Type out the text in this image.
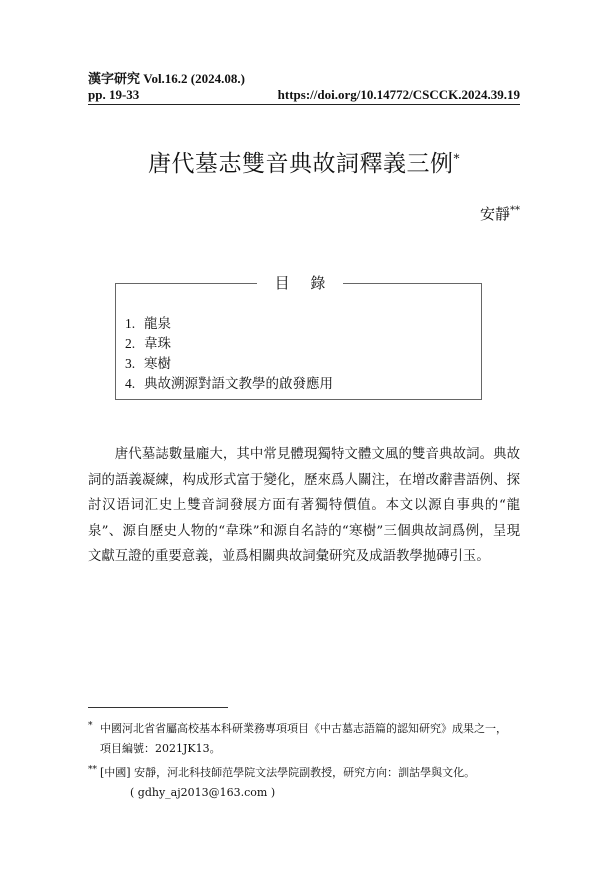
漢字研究 Vol.16.2 (2024.08.)
pp. 19-33	https://doi.org/10.14772/CSCCK.2024.39.19
唐代墓志雙音典故詞釋義三例*
安靜**
目 錄
1. 龍泉
2. 韋珠
3. 寒樹
4. 典故溯源對語文教學的啟發應用

唐代墓誌數量龐大，其中常見體現獨特文體文風的雙音典故詞。典故詞的語義凝練，构成形式富于變化，歷來爲人關注，在增改辭書語例、探討汉语词汇史上雙音詞發展方面有著獨特價值。本文以源自事典的“龍泉”、源自歷史人物的“韋珠”和源自名詩的“寒樹”三個典故詞爲例，呈現文獻互證的重要意義，並爲相關典故詞彙研究及成語教學拋磚引玉。

* 中國河北省省屬高校基本科研業務專項項目《中古墓志語篇的認知研究》成果之一，
項目編號：2021JK13。
** [中國] 安靜，河北科技師范學院文法學院副教授，研究方向：訓詁學與文化。
( gdhy_aj2013@163.com )
